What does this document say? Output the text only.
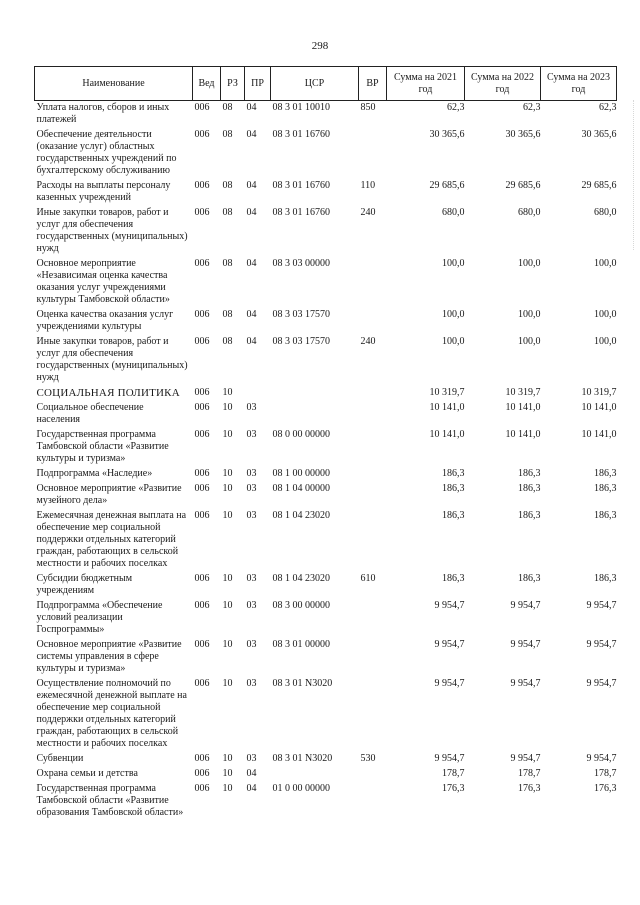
298
Наименование	Вед	РЗ	ПР	ЦСР	ВР	Сумма на 2021 год	Сумма на 2022 год	Сумма на 2023 год
Уплата налогов, сборов и иных платежей	006	08	04	08 3 01 10010	850	62,3	62,3	62,3
Обеспечение деятельности (оказание услуг) областных государственных учреждений по бухгалтерскому обслуживанию	006	08	04	08 3 01 16760		30 365,6	30 365,6	30 365,6
Расходы на выплаты персоналу казенных учреждений	006	08	04	08 3 01 16760	110	29 685,6	29 685,6	29 685,6
Иные закупки товаров, работ и услуг для обеспечения государственных (муниципальных) нужд	006	08	04	08 3 01 16760	240	680,0	680,0	680,0
Основное мероприятие «Независимая оценка качества оказания услуг учреждениями культуры Тамбовской области»	006	08	04	08 3 03 00000		100,0	100,0	100,0
Оценка качества оказания услуг учреждениями культуры	006	08	04	08 3 03 17570		100,0	100,0	100,0
Иные закупки товаров, работ и услуг для обеспечения государственных (муниципальных) нужд	006	08	04	08 3 03 17570	240	100,0	100,0	100,0
СОЦИАЛЬНАЯ ПОЛИТИКА	006	10				10 319,7	10 319,7	10 319,7
Социальное обеспечение населения	006	10	03			10 141,0	10 141,0	10 141,0
Государственная программа Тамбовской области «Развитие культуры и туризма»	006	10	03	08 0 00 00000		10 141,0	10 141,0	10 141,0
Подпрограмма «Наследие»	006	10	03	08 1 00 00000		186,3	186,3	186,3
Основное мероприятие «Развитие музейного дела»	006	10	03	08 1 04 00000		186,3	186,3	186,3
Ежемесячная денежная выплата на обеспечение мер социальной поддержки отдельных категорий граждан, работающих в сельской местности и рабочих поселках	006	10	03	08 1 04 23020		186,3	186,3	186,3
Субсидии бюджетным учреждениям	006	10	03	08 1 04 23020	610	186,3	186,3	186,3
Подпрограмма «Обеспечение условий реализации Госпрограммы»	006	10	03	08 3 00 00000		9 954,7	9 954,7	9 954,7
Основное мероприятие «Развитие системы управления в сфере культуры и туризма»	006	10	03	08 3 01 00000		9 954,7	9 954,7	9 954,7
Осуществление полномочий по ежемесячной денежной выплате на обеспечение мер социальной поддержки отдельных категорий граждан, работающих в сельской местности и рабочих поселках	006	10	03	08 3 01 N3020		9 954,7	9 954,7	9 954,7
Субвенции	006	10	03	08 3 01 N3020	530	9 954,7	9 954,7	9 954,7
Охрана семьи и детства	006	10	04			178,7	178,7	178,7
Государственная программа Тамбовской области «Развитие образования Тамбовской области»	006	10	04	01 0 00 00000		176,3	176,3	176,3
